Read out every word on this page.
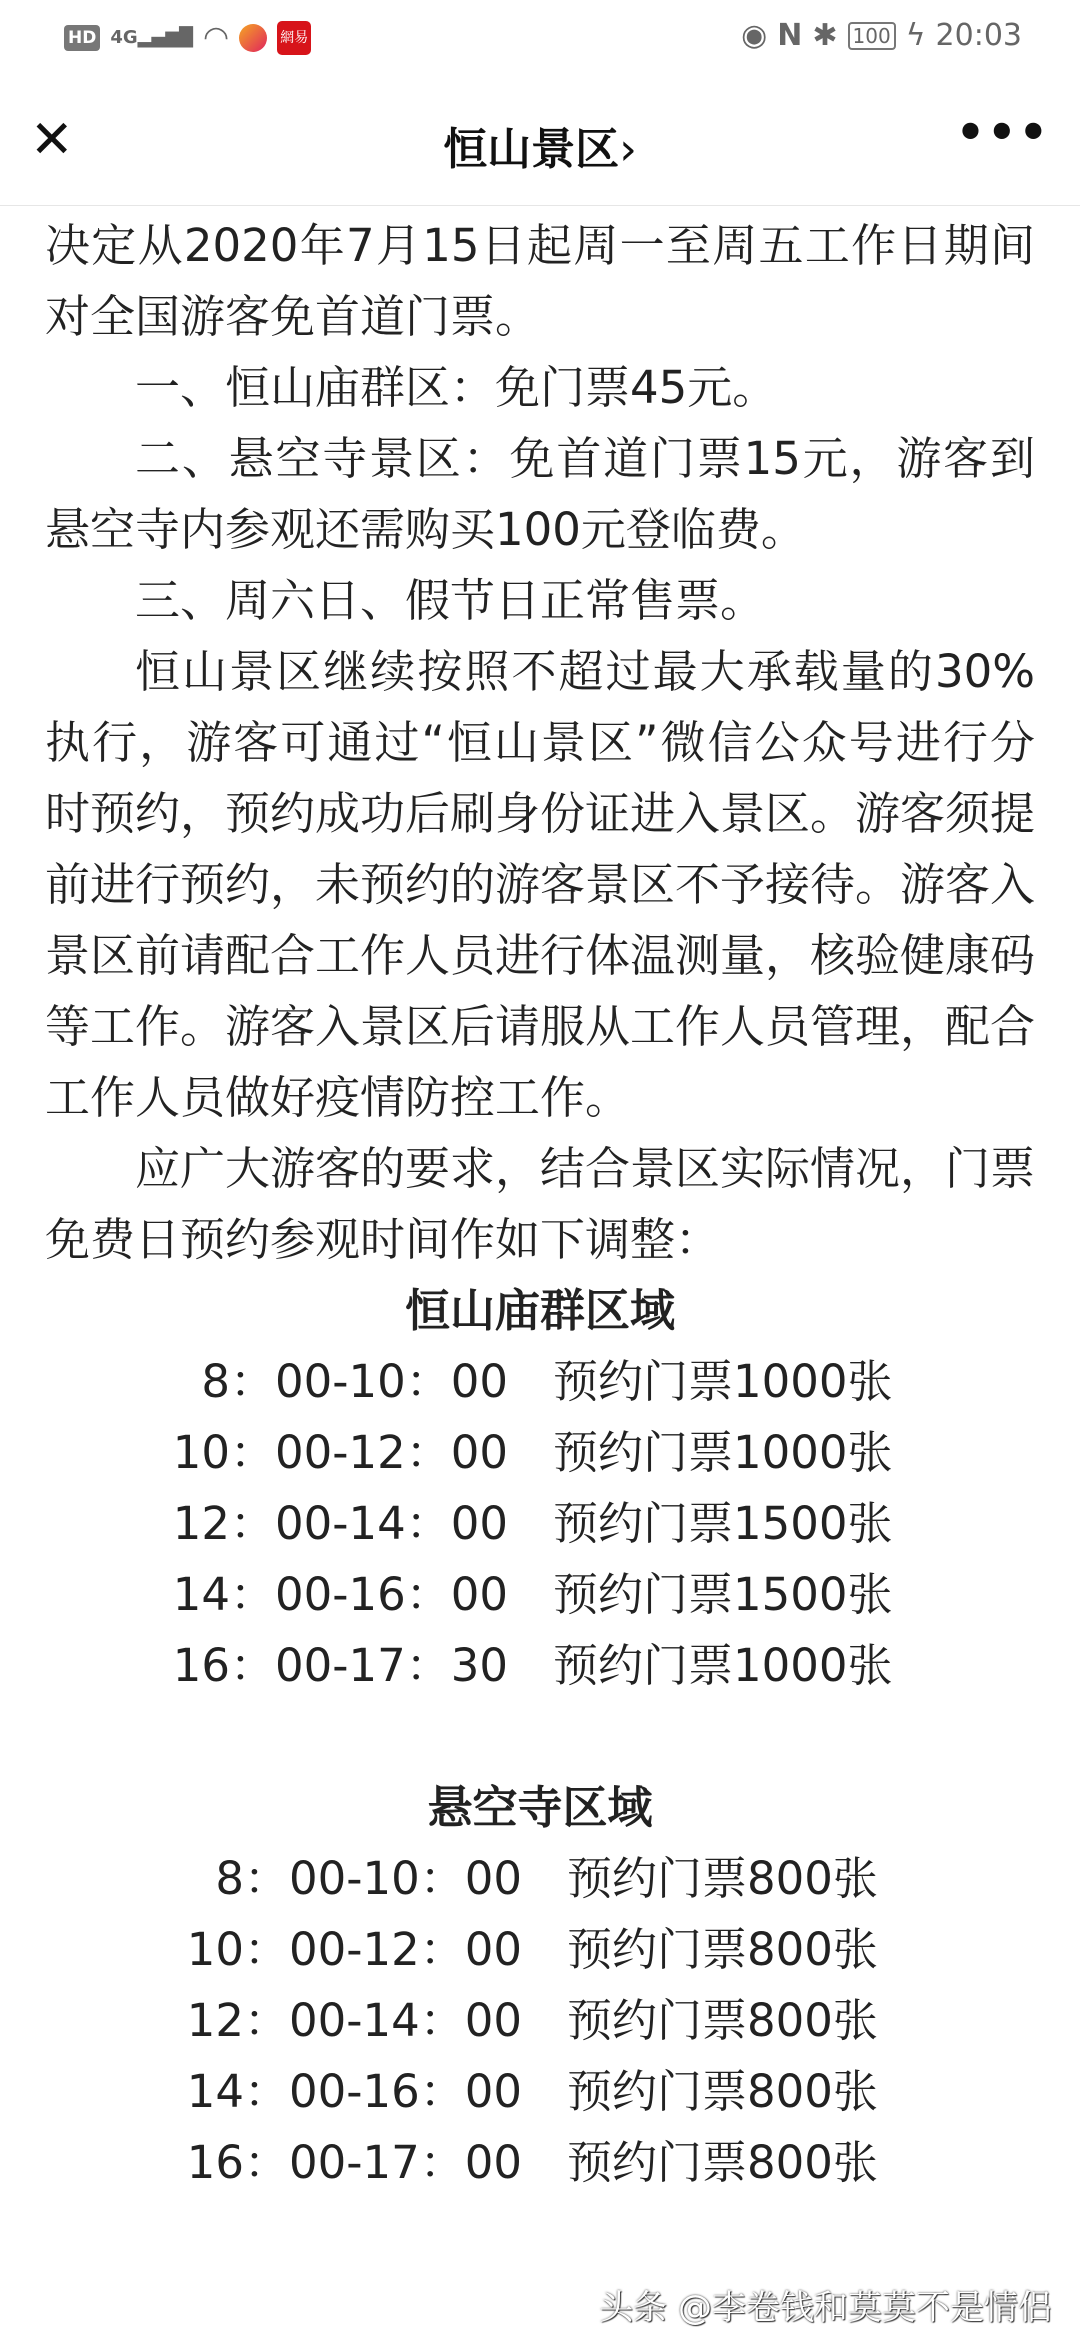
HD 4G▂▄▆█ ◠	網易	◉ N ✱ 100 ϟ 20:03
✕	恒山景区›	•••

决定从2020年7月15日起周一至周五工作日期间对全国游客免首道门票。

一、恒山庙群区：免门票45元。

二、悬空寺景区：免首道门票15元，游客到悬空寺内参观还需购买100元登临费。

三、周六日、假节日正常售票。

恒山景区继续按照不超过最大承载量的30%执行，游客可通过“恒山景区”微信公众号进行分时预约，预约成功后刷身份证进入景区。游客须提前进行预约，未预约的游客景区不予接待。游客入景区前请配合工作人员进行体温测量，核验健康码等工作。游客入景区后请服从工作人员管理，配合工作人员做好疫情防控工作。

应广大游客的要求，结合景区实际情况，门票免费日预约参观时间作如下调整：

恒山庙群区域

8：00-10：00	预约门票1000张
10：00-12：00	预约门票1000张
12：00-14：00	预约门票1500张
14：00-16：00	预约门票1500张
16：00-17：30	预约门票1000张

悬空寺区域

8：00-10：00	预约门票800张
10：00-12：00	预约门票800张
12：00-14：00	预约门票800张
14：00-16：00	预约门票800张
16：00-17：00	预约门票800张
头条 @李卷钱和莫莫不是情侣
